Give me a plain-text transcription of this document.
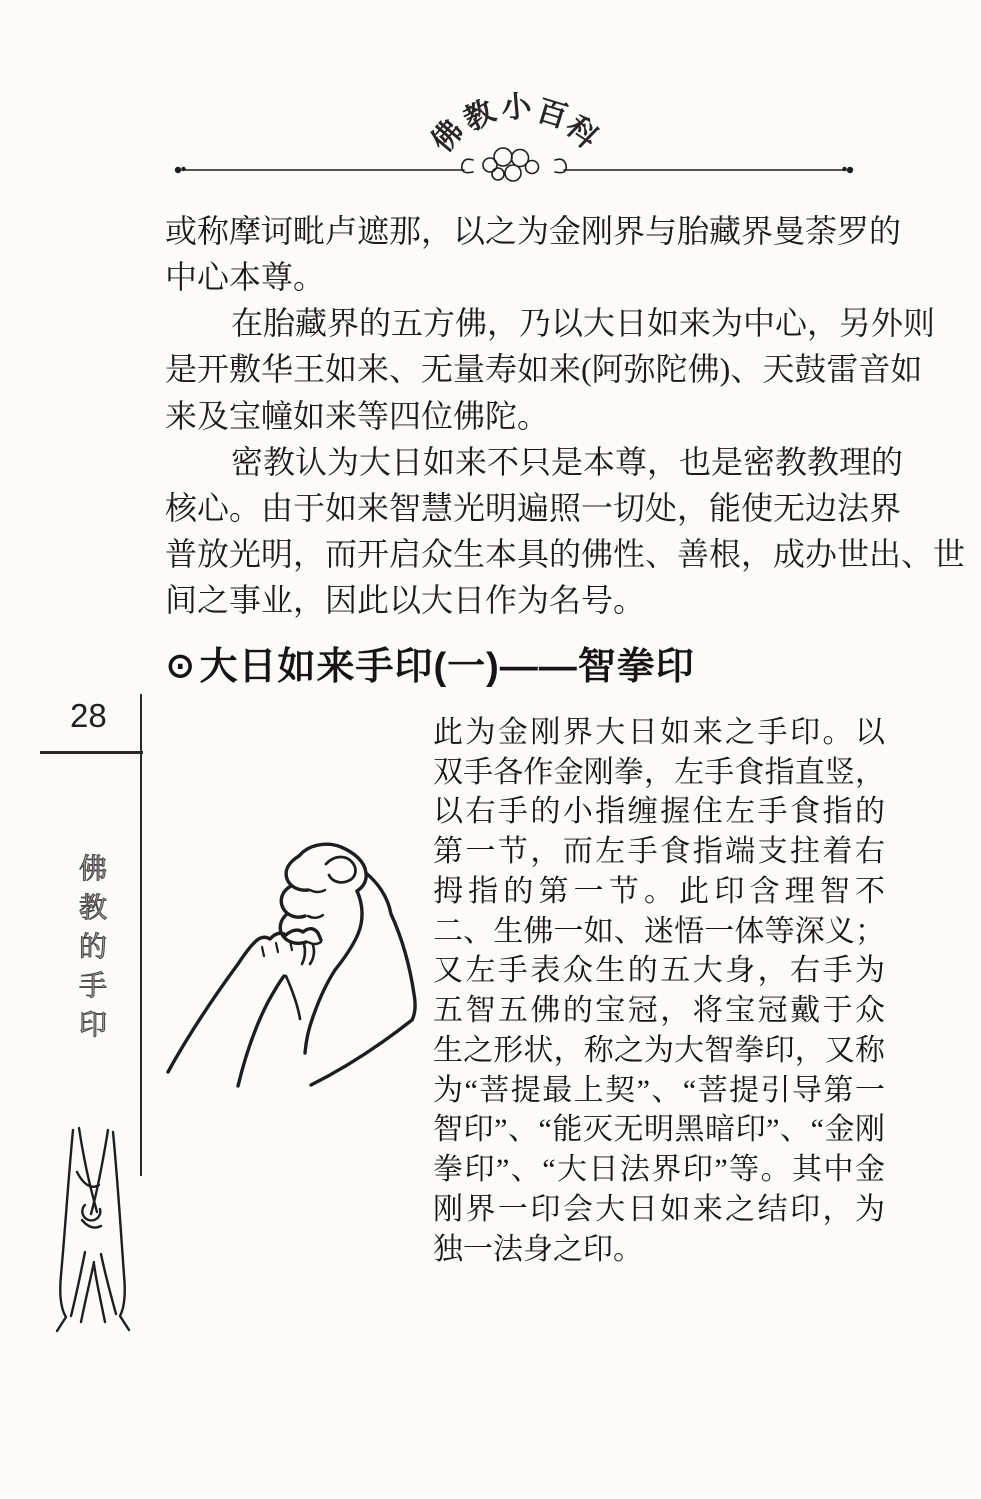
佛
教 小 百
科
或称摩诃毗卢遮那，以之为金刚界与胎藏界曼荼罗的
中心本尊。
在胎藏界的五方佛，乃以大日如来为中心，另外则
是开敷华王如来、无量寿如来(阿弥陀佛)、天鼓雷音如
来及宝幢如来等四位佛陀。
密教认为大日如来不只是本尊，也是密教教理的
核心。由于如来智慧光明遍照一切处，能使无边法界
普放光明，而开启众生本具的佛性、善根，成办世出、世
间之事业，因此以大日作为名号。
⊙ 大日如来手印(一)——智拳印
28
佛
教
的
手
印
此为金刚界大日如来之手印。以
双手各作金刚拳，左手食指直竖，
以右手的小指缠握住左手食指的
第一节，而左手食指端支拄着右
拇指的第一节。此印含理智不
二、生佛一如、迷悟一体等深义；
又左手表众生的五大身，右手为
五智五佛的宝冠，将宝冠戴于众
生之形状，称之为大智拳印，又称
为“菩提最上契”、“菩提引导第一
智印”、“能灭无明黑暗印”、“金刚
拳印”、“大日法界印”等。其中金
刚界一印会大日如来之结印，为
独一法身之印。
